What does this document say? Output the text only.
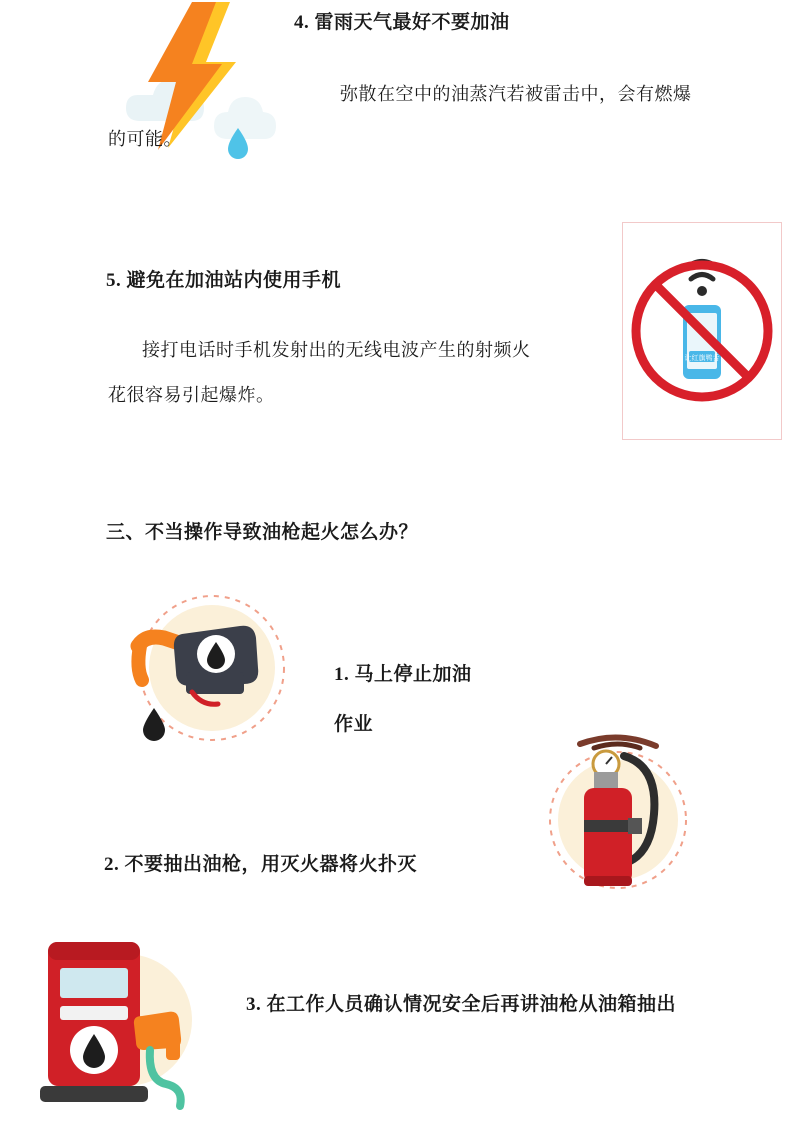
4. 雷雨天气最好不要加油
弥散在空中的油蒸汽若被雷击中，会有燃爆
的可能。
让红旗鸭舌
5. 避免在加油站内使用手机
接打电话时手机发射出的无线电波产生的射频火
花很容易引起爆炸。
三、不当操作导致油枪起火怎么办？
1. 马上停止加油
作业
2. 不要抽出油枪，用灭火器将火扑灭
3. 在工作人员确认情况安全后再讲油枪从油箱抽出
